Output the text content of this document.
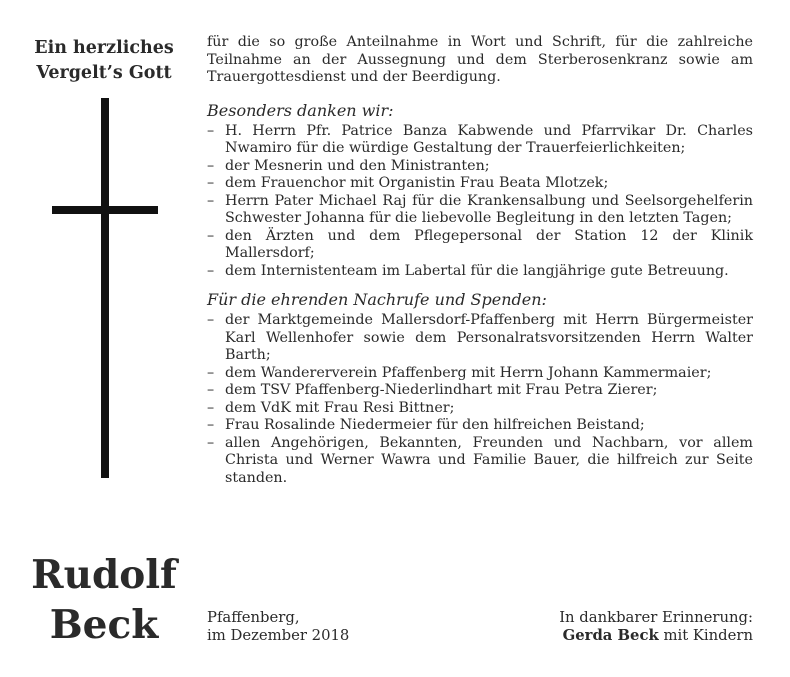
Ein herzliches
Vergelt’s Gott
Rudolf
Beck

für die so große Anteilnahme in Wort und Schrift, für die zahlreiche Teilnahme an der Aussegnung und dem Sterberosenkranz sowie am Trauergottesdienst und der Beerdigung.

Besonders danken wir:

– H. Herrn Pfr. Patrice Banza Kabwende und Pfarrvikar Dr. Charles Nwamiro für die würdige Gestaltung der Trauerfeierlichkeiten;
– der Mesnerin und den Ministranten;
– dem Frauenchor mit Organistin Frau Beata Mlotzek;
– Herrn Pater Michael Raj für die Krankensalbung und Seelsorgehelferin Schwester Johanna für die liebevolle Begleitung in den letzten Tagen;
– den Ärzten und dem Pflegepersonal der Station 12 der Klinik Mallersdorf;
– dem Internistenteam im Labertal für die langjährige gute Betreuung.

Für die ehrenden Nachrufe und Spenden:

– der Marktgemeinde Mallersdorf-Pfaffenberg mit Herrn Bürgermeister Karl Wellenhofer sowie dem Personalratsvorsitzenden Herrn Walter Barth;
– dem Wandererverein Pfaffenberg mit Herrn Johann Kammermaier;
– dem TSV Pfaffenberg-Niederlindhart mit Frau Petra Zierer;
– dem VdK mit Frau Resi Bittner;
– Frau Rosalinde Niedermeier für den hilfreichen Beistand;
– allen Angehörigen, Bekannten, Freunden und Nachbarn, vor allem Christa und Werner Wawra und Familie Bauer, die hilfreich zur Seite standen.
Pfaffenberg,
im Dezember 2018
In dankbarer Erinnerung:
Gerda Beck mit Kindern
